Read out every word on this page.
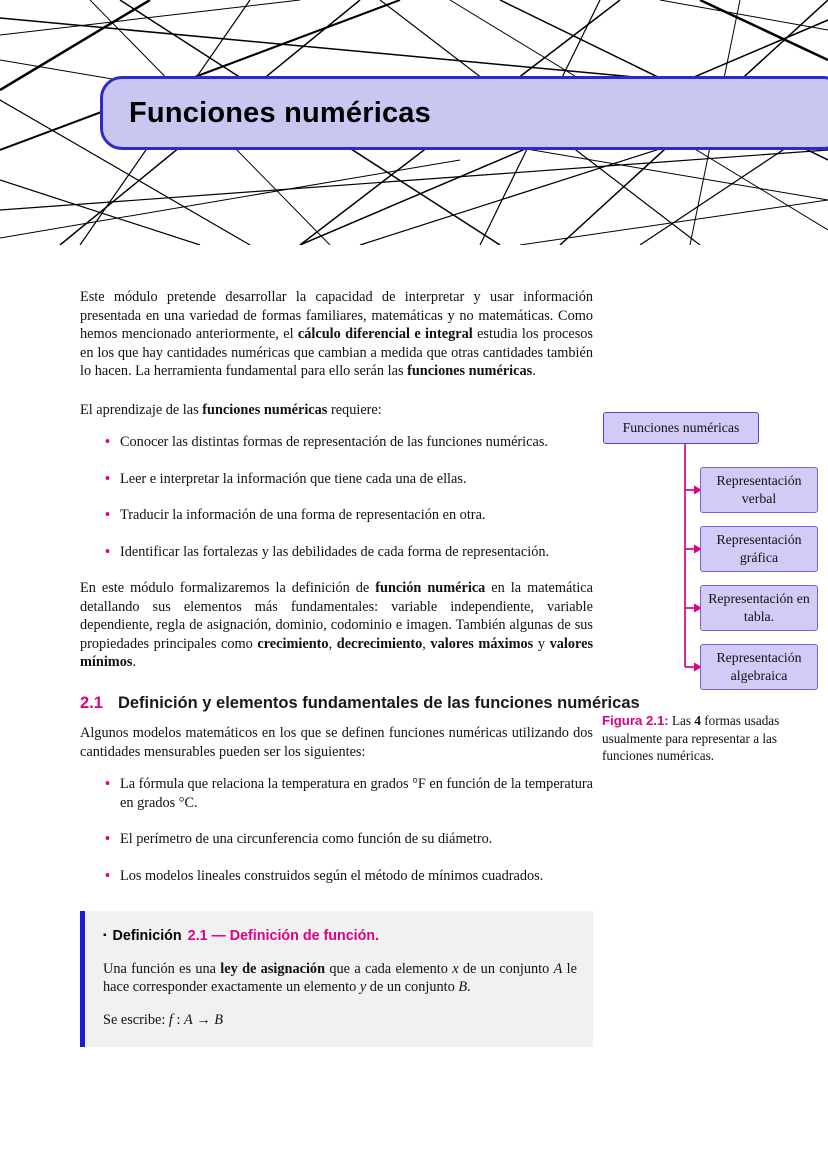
Funciones numéricas

Este módulo pretende desarrollar la capacidad de interpretar y usar información presentada en una variedad de formas familiares, matemáticas y no matemáticas. Como hemos mencionado anteriormente, el cálculo diferencial e integral estudia los procesos en los que hay cantidades numéricas que cambian a medida que otras cantidades también lo hacen. La herramienta fundamental para ello serán las funciones numéricas.

El aprendizaje de las funciones numéricas requiere:

• Conocer las distintas formas de representación de las funciones numéricas.
• Leer e interpretar la información que tiene cada una de ellas.
• Traducir la información de una forma de representación en otra.
• Identificar las fortalezas y las debilidades de cada forma de representación.

En este módulo formalizaremos la definición de función numérica en la matemática detallando sus elementos más fundamentales: variable independiente, variable dependiente, regla de asignación, dominio, codominio e imagen. También algunas de sus propiedades principales como crecimiento, decrecimiento, valores máximos y valores mínimos.

2.1 Definición y elementos fundamentales de las funciones numéricas

Algunos modelos matemáticos en los que se definen funciones numéricas utilizando dos cantidades mensurables pueden ser los siguientes:

• La fórmula que relaciona la temperatura en grados °F en función de la temperatura en grados °C.
• El perímetro de una circunferencia como función de su diámetro.
• Los modelos lineales construidos según el método de mínimos cuadrados.
▪ Definición 2.1 — Definición de función.

Una función es una ley de asignación que a cada elemento x de un conjunto A le hace corresponder exactamente un elemento y de un conjunto B.

Se escribe: f : A → B

Funciones numéricas
Representación verbal
Representación gráfica
Representación en tabla.
Representación algebraica
Figura 2.1: Las 4 formas usadas usualmente para representar a las funciones numéricas.
